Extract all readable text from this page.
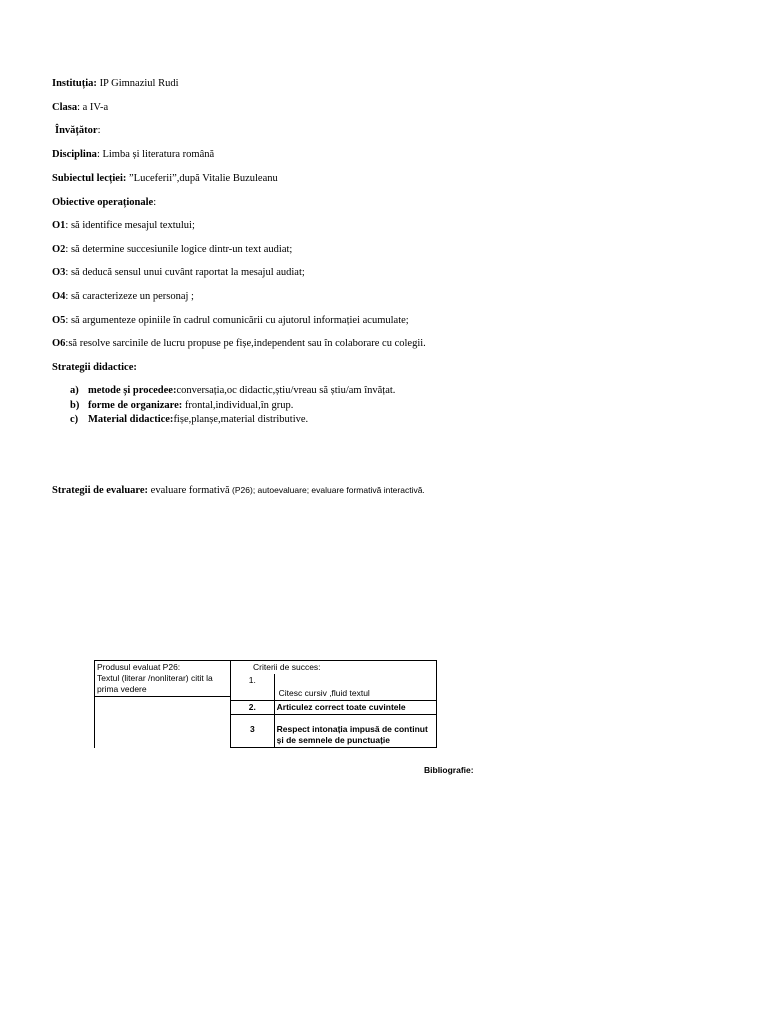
Instituția: IP Gimnaziul Rudi
Clasa: a IV-a
Învățător:
Disciplina: Limba și literatura română
Subiectul lecției: ”Luceferii”,după Vitalie Buzuleanu
Obiective operaționale:
O1: să identifice mesajul textului;
O2: să determine succesiunile logice dintr-un text audiat;
O3: să deducă sensul unui cuvânt raportat la mesajul audiat;
O4: să caracterizeze un personaj ;
O5: să argumenteze opiniile în cadrul comunicării cu ajutorul informației acumulate;
O6:să resolve sarcinile de lucru propuse pe fișe,independent sau în colaborare cu colegii.
Strategii didactice:
a) metode și procedee:conversația,oc didactic,știu/vreau să știu/am învățat.
b) forme de organizare: frontal,individual,în grup.
c) Material didactice:fișe,planșe,material distributive.
Strategii de evaluare: evaluare formativă (P26); autoevaluare; evaluare formativă interactivă.
Produsul evaluat P26:
Textul (literar /nonliterar) citit la prima vedere	Criterii de succes:	
	1.	Citesc cursiv ,fluid textul
	2.	Articulez correct toate cuvintele
	3	Respect intonația impusă de continut și de semnele de punctuație
Bibliografie:
